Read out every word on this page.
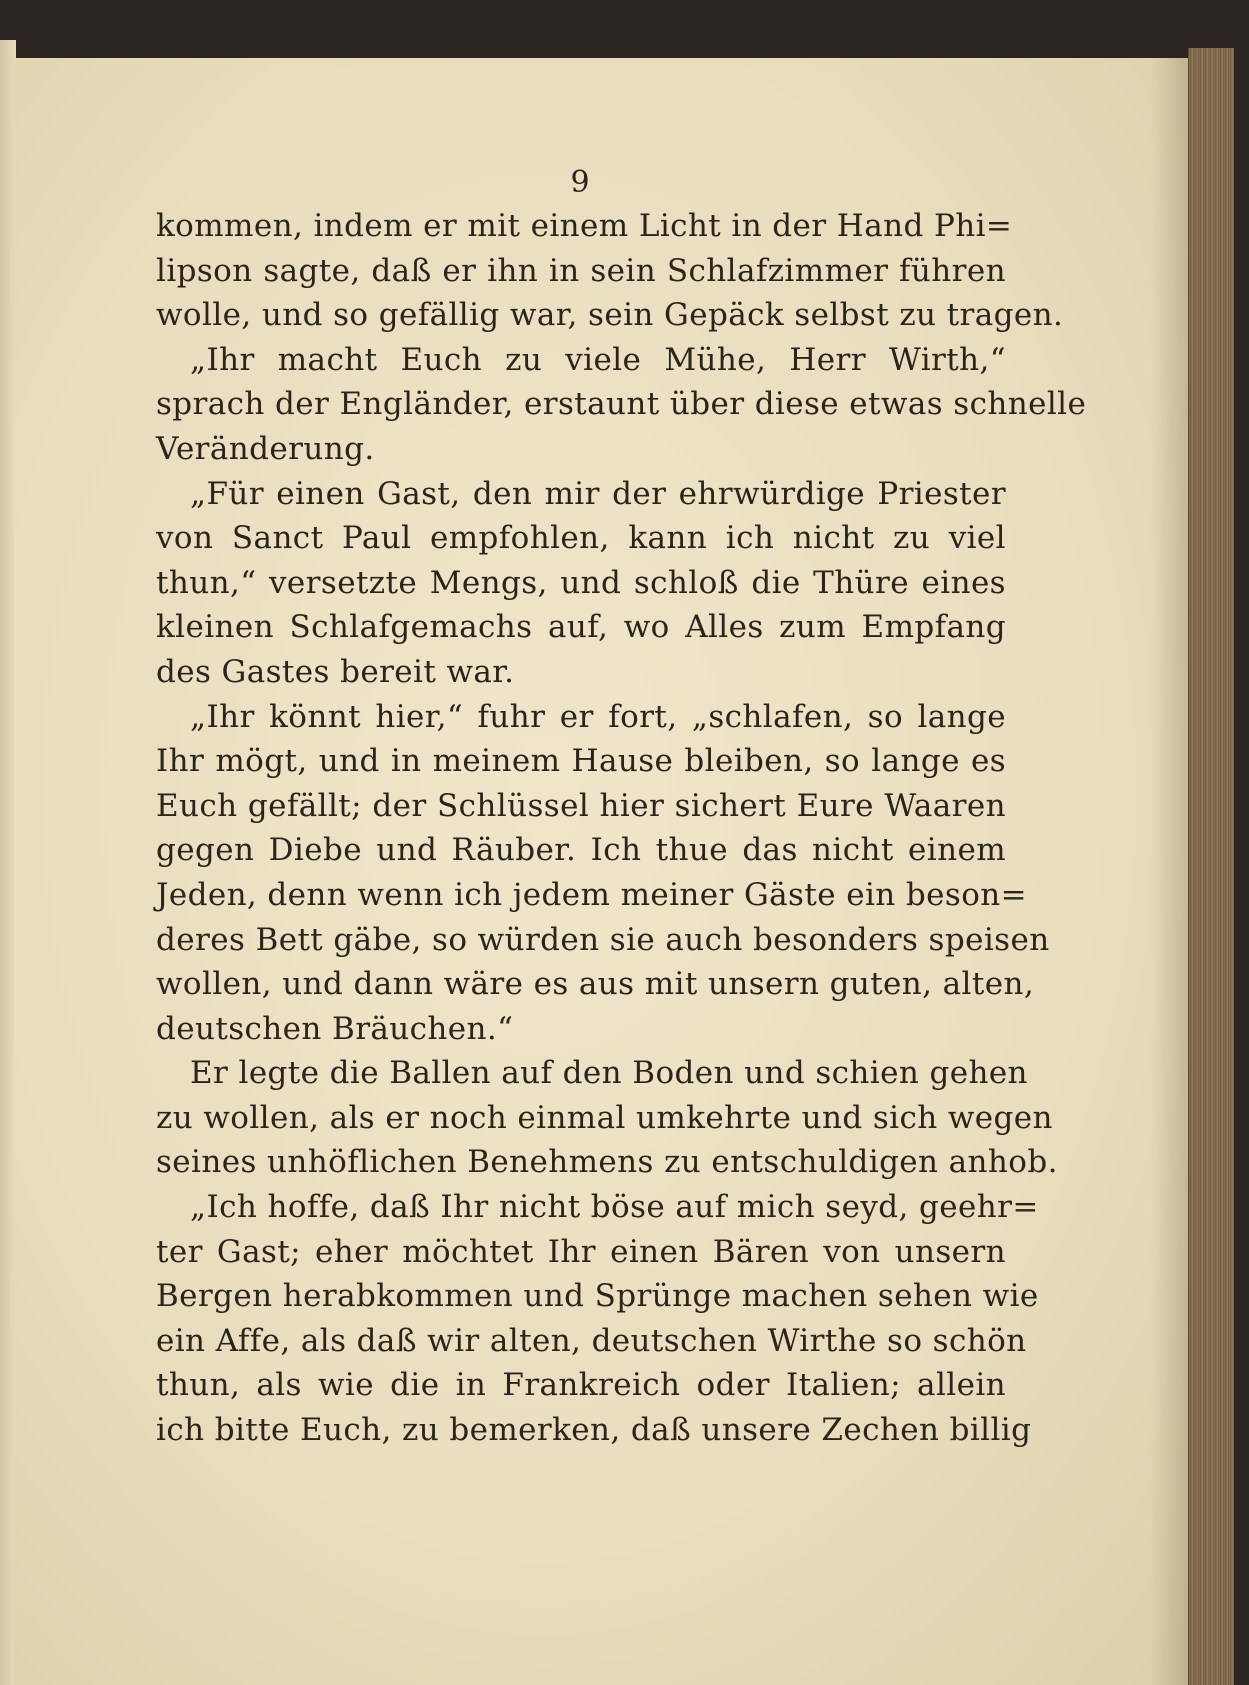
9
kommen, indem er mit einem Licht in der Hand Phi=
lipson sagte, daß er ihn in sein Schlafzimmer führen
wolle, und so gefällig war, sein Gepäck selbst zu tragen.
„Ihr macht Euch zu viele Mühe, Herr Wirth,“
sprach der Engländer, erstaunt über diese etwas schnelle
Veränderung.
„Für einen Gast, den mir der ehrwürdige Priester
von Sanct Paul empfohlen, kann ich nicht zu viel
thun,“ versetzte Mengs, und schloß die Thüre eines
kleinen Schlafgemachs auf, wo Alles zum Empfang
des Gastes bereit war.
„Ihr könnt hier,“ fuhr er fort, „schlafen, so lange
Ihr mögt, und in meinem Hause bleiben, so lange es
Euch gefällt; der Schlüssel hier sichert Eure Waaren
gegen Diebe und Räuber. Ich thue das nicht einem
Jeden, denn wenn ich jedem meiner Gäste ein beson=
deres Bett gäbe, so würden sie auch besonders speisen
wollen, und dann wäre es aus mit unsern guten, alten,
deutschen Bräuchen.“
Er legte die Ballen auf den Boden und schien gehen
zu wollen, als er noch einmal umkehrte und sich wegen
seines unhöflichen Benehmens zu entschuldigen anhob.
„Ich hoffe, daß Ihr nicht böse auf mich seyd, geehr=
ter Gast; eher möchtet Ihr einen Bären von unsern
Bergen herabkommen und Sprünge machen sehen wie
ein Affe, als daß wir alten, deutschen Wirthe so schön
thun, als wie die in Frankreich oder Italien; allein
ich bitte Euch, zu bemerken, daß unsere Zechen billig
